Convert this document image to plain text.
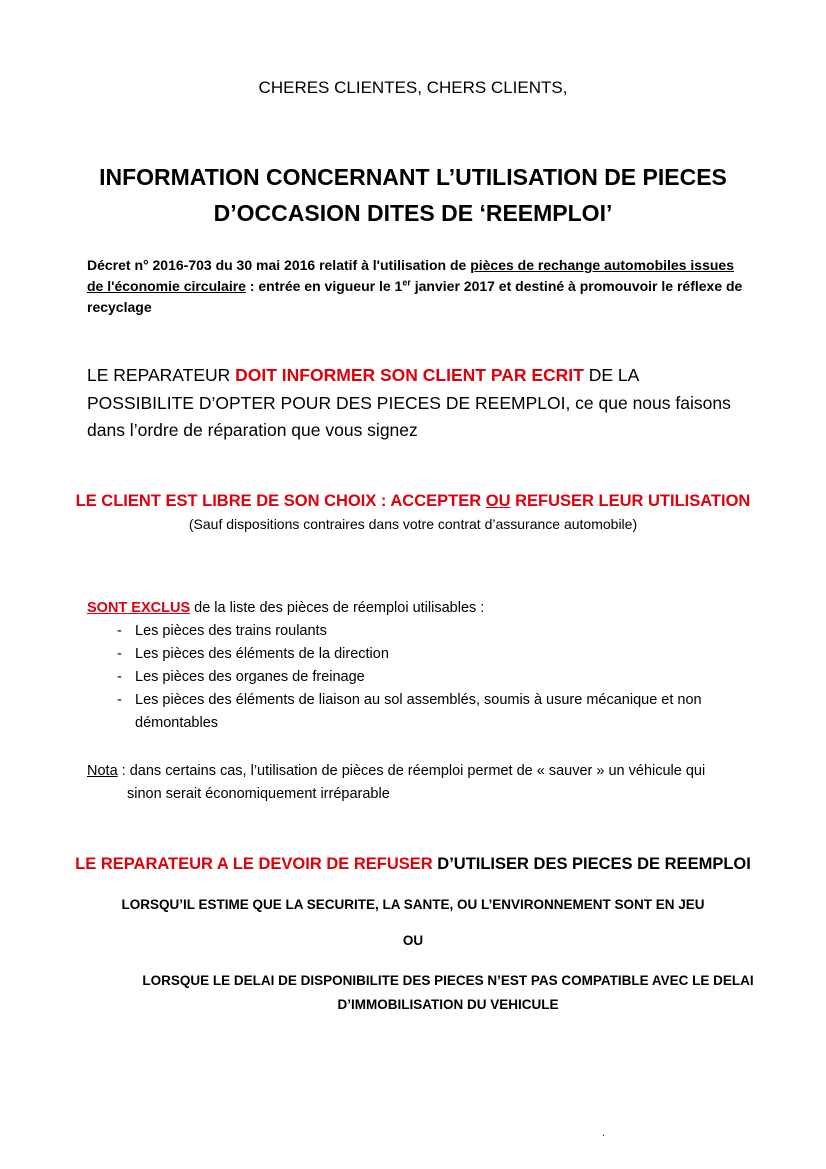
CHERES CLIENTES, CHERS CLIENTS,
INFORMATION CONCERNANT L’UTILISATION DE PIECES
D’OCCASION DITES DE ‘REEMPLOI’
Décret n° 2016-703 du 30 mai 2016 relatif à l'utilisation de pièces de rechange automobiles issues de l'économie circulaire : entrée en vigueur le 1er janvier 2017 et destiné à promouvoir le réflexe de recyclage
LE REPARATEUR DOIT INFORMER SON CLIENT PAR ECRIT DE LA POSSIBILITE D’OPTER POUR DES PIECES DE REEMPLOI, ce que nous faisons dans l’ordre de réparation que vous signez
LE CLIENT EST LIBRE DE SON CHOIX : ACCEPTER OU REFUSER LEUR UTILISATION
(Sauf dispositions contraires dans votre contrat d’assurance automobile)
SONT EXCLUS de la liste des pièces de réemploi utilisables :
- Les pièces des trains roulants
- Les pièces des éléments de la direction
- Les pièces des organes de freinage
- Les pièces des éléments de liaison au sol assemblés, soumis à usure mécanique et non démontables
Nota : dans certains cas, l’utilisation de pièces de réemploi permet de « sauver » un véhicule qui
sinon serait économiquement irréparable
LE REPARATEUR A LE DEVOIR DE REFUSER D’UTILISER DES PIECES DE REEMPLOI
LORSQU’IL ESTIME QUE LA SECURITE, LA SANTE, OU L’ENVIRONNEMENT SONT EN JEU
OU
LORSQUE LE DELAI DE DISPONIBILITE DES PIECES N’EST PAS COMPATIBLE AVEC LE DELAI D’IMMOBILISATION DU VEHICULE
.
